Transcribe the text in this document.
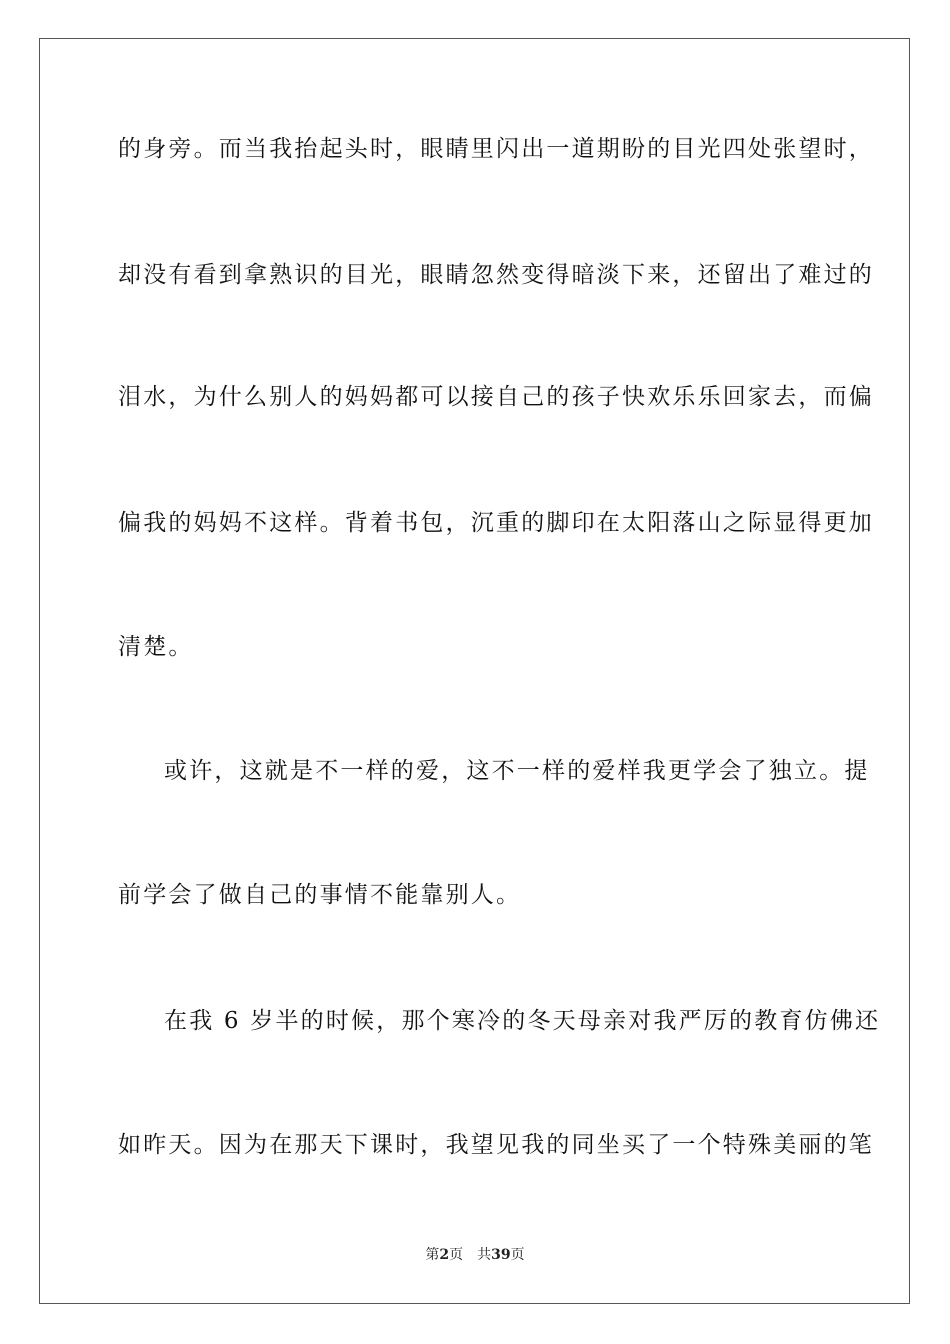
的身旁。而当我抬起头时，眼睛里闪出一道期盼的目光四处张望时，
却没有看到拿熟识的目光，眼睛忽然变得暗淡下来，还留出了难过的
泪水，为什么别人的妈妈都可以接自己的孩子快欢乐乐回家去，而偏
偏我的妈妈不这样。背着书包，沉重的脚印在太阳落山之际显得更加
清楚。
或许，这就是不一样的爱，这不一样的爱样我更学会了独立。提
前学会了做自己的事情不能靠别人。
在我 6 岁半的时候，那个寒冷的冬天母亲对我严厉的教育仿佛还
如昨天。因为在那天下课时，我望见我的同坐买了一个特殊美丽的笔
第2页 共39页
